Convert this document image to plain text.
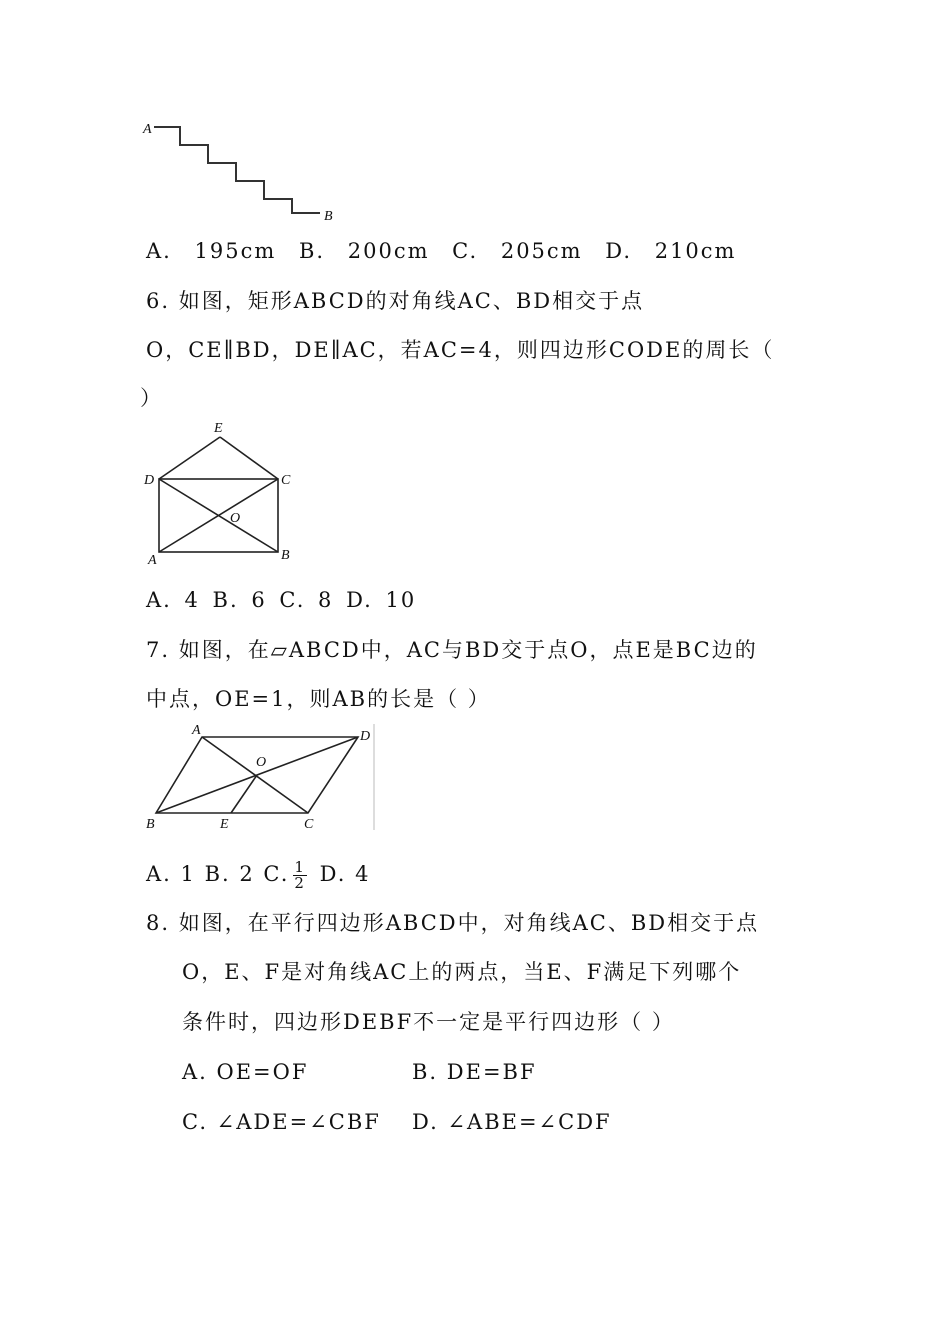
A
B
A. 195cm B. 200cm C. 205cm D. 210cm
6. 如图，矩形ABCD的对角线AC、BD相交于点
O，CE∥BD，DE∥AC，若AC=4，则四边形CODE的周长（
）
E
D	C
O
A	B
A. 4 B. 6 C. 8 D. 10
7. 如图，在▱ABCD中，AC与BD交于点O，点E是BC边的
中点，OE=1，则AB的长是（ ）
A	D
O
B	E	C
A. 1 B. 2 C. $\frac{1}{2} D$. 4
8. 如图，在平行四边形ABCD中，对角线AC、BD相交于点
O，E、F是对角线AC上的两点，当E、F满足下列哪个
条件时，四边形DEBF不一定是平行四边形（ ）
A. OE=OF	B. DE=BF
C. ∠ADE=∠CBF D. ∠ABE=∠CDF
